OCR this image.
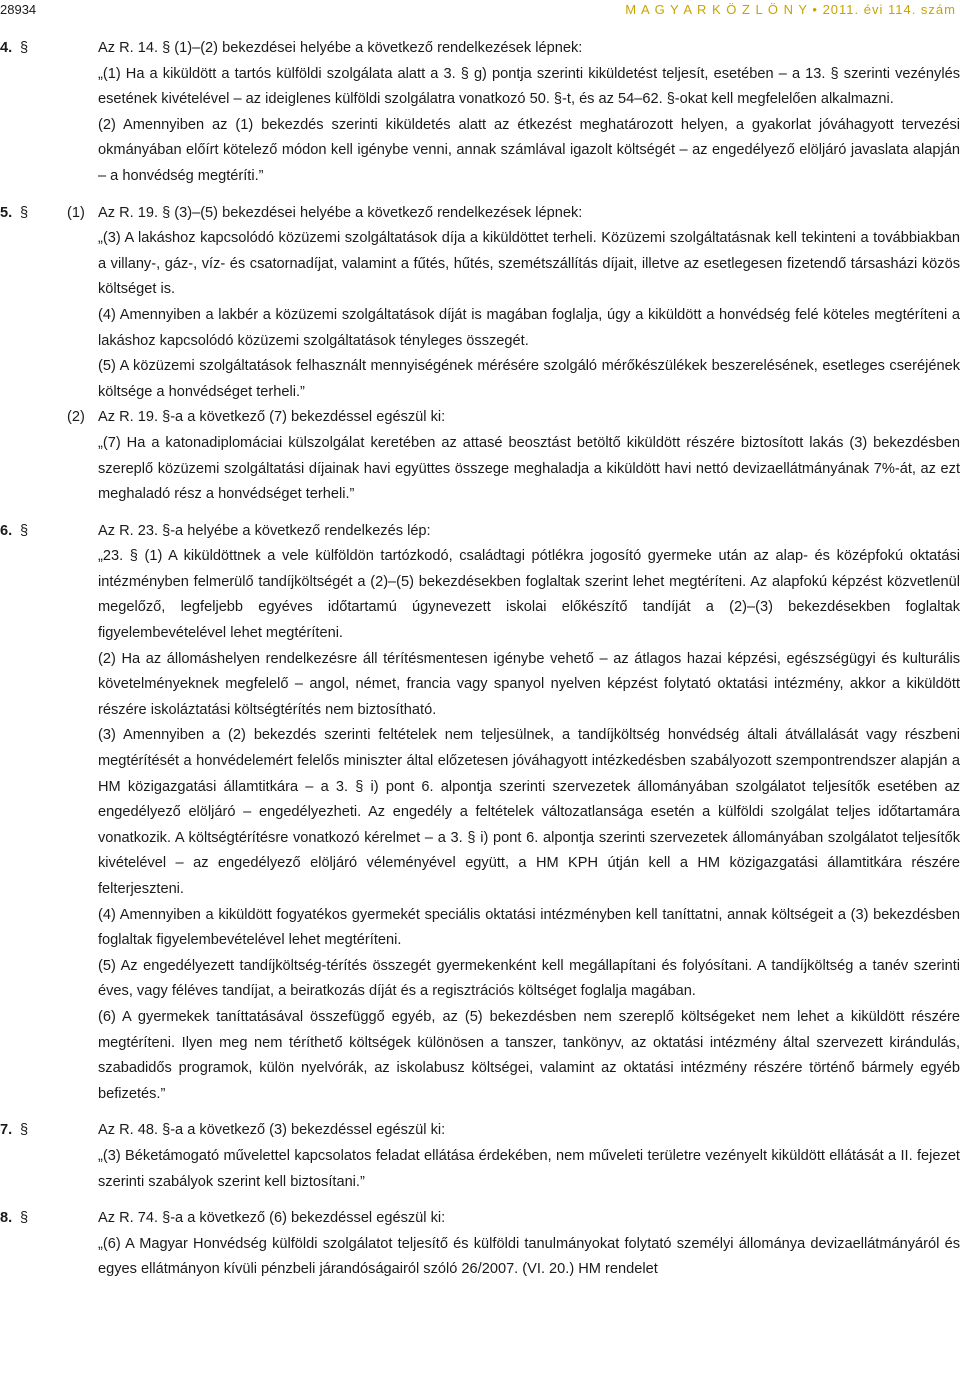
28934	M A G Y A R K Ö Z L Ö N Y • 2011. évi 114. szám
4. §	Az R. 14. § (1)–(2) bekezdései helyébe a következő rendelkezések lépnek:

„(1) Ha a kiküldött a tartós külföldi szolgálata alatt a 3. § g) pontja szerinti kiküldetést teljesít, esetében – a 13. § szerinti vezénylés esetének kivételével – az ideiglenes külföldi szolgálatra vonatkozó 50. §-t, és az 54–62. §-okat kell megfelelően alkalmazni.

(2) Amennyiben az (1) bekezdés szerinti kiküldetés alatt az étkezést meghatározott helyen, a gyakorlat jóváhagyott tervezési okmányában előírt kötelező módon kell igénybe venni, annak számlával igazolt költségét – az engedélyező elöljáró javaslata alapján – a honvédség megtéríti.”

5. §	(1) Az R. 19. § (3)–(5) bekezdései helyébe a következő rendelkezések lépnek:

„(3) A lakáshoz kapcsolódó közüzemi szolgáltatások díja a kiküldöttet terheli. Közüzemi szolgáltatásnak kell tekinteni a továbbiakban a villany-, gáz-, víz- és csatornadíjat, valamint a fűtés, hűtés, szemétszállítás díjait, illetve az esetlegesen fizetendő társasházi közös költséget is.

(4) Amennyiben a lakbér a közüzemi szolgáltatások díját is magában foglalja, úgy a kiküldött a honvédség felé köteles megtéríteni a lakáshoz kapcsolódó közüzemi szolgáltatások tényleges összegét.

(5) A közüzemi szolgáltatások felhasznált mennyiségének mérésére szolgáló mérőkészülékek beszerelésének, esetleges cseréjének költsége a honvédséget terheli.”

(2) Az R. 19. §-a a következő (7) bekezdéssel egészül ki:

„(7) Ha a katonadiplomáciai külszolgálat keretében az attasé beosztást betöltő kiküldött részére biztosított lakás (3) bekezdésben szereplő közüzemi szolgáltatási díjainak havi együttes összege meghaladja a kiküldött havi nettó devizaellátmányának 7%-át, az ezt meghaladó rész a honvédséget terheli.”

6. §	Az R. 23. §-a helyébe a következő rendelkezés lép:

„23. § (1) A kiküldöttnek a vele külföldön tartózkodó, családtagi pótlékra jogosító gyermeke után az alap- és középfokú oktatási intézményben felmerülő tandíjköltségét a (2)–(5) bekezdésekben foglaltak szerint lehet megtéríteni. Az alapfokú képzést közvetlenül megelőző, legfeljebb egyéves időtartamú úgynevezett iskolai előkészítő tandíját a (2)–(3) bekezdésekben foglaltak figyelembevételével lehet megtéríteni.

(2) Ha az állomáshelyen rendelkezésre áll térítésmentesen igénybe vehető – az átlagos hazai képzési, egészségügyi és kulturális követelményeknek megfelelő – angol, német, francia vagy spanyol nyelven képzést folytató oktatási intézmény, akkor a kiküldött részére iskoláztatási költségtérítés nem biztosítható.

(3) Amennyiben a (2) bekezdés szerinti feltételek nem teljesülnek, a tandíjköltség honvédség általi átvállalását vagy részbeni megtérítését a honvédelemért felelős miniszter által előzetesen jóváhagyott intézkedésben szabályozott szempontrendszer alapján a HM közigazgatási államtitkára – a 3. § i) pont 6. alpontja szerinti szervezetek állományában szolgálatot teljesítők esetében az engedélyező elöljáró – engedélyezheti. Az engedély a feltételek változatlansága esetén a külföldi szolgálat teljes időtartamára vonatkozik. A költségtérítésre vonatkozó kérelmet – a 3. § i) pont 6. alpontja szerinti szervezetek állományában szolgálatot teljesítők kivételével – az engedélyező elöljáró véleményével együtt, a HM KPH útján kell a HM közigazgatási államtitkára részére felterjeszteni.

(4) Amennyiben a kiküldött fogyatékos gyermekét speciális oktatási intézményben kell taníttatni, annak költségeit a (3) bekezdésben foglaltak figyelembevételével lehet megtéríteni.

(5) Az engedélyezett tandíjköltség-térítés összegét gyermekenként kell megállapítani és folyósítani. A tandíjköltség a tanév szerinti éves, vagy féléves tandíjat, a beiratkozás díját és a regisztrációs költséget foglalja magában.

(6) A gyermekek taníttatásával összefüggő egyéb, az (5) bekezdésben nem szereplő költségeket nem lehet a kiküldött részére megtéríteni. Ilyen meg nem téríthető költségek különösen a tanszer, tankönyv, az oktatási intézmény által szervezett kirándulás, szabadidős programok, külön nyelvórák, az iskolabusz költségei, valamint az oktatási intézmény részére történő bármely egyéb befizetés.”

7. §	Az R. 48. §-a a következő (3) bekezdéssel egészül ki:

„(3) Béketámogató művelettel kapcsolatos feladat ellátása érdekében, nem műveleti területre vezényelt kiküldött ellátását a II. fejezet szerinti szabályok szerint kell biztosítani.”

8. §	Az R. 74. §-a a következő (6) bekezdéssel egészül ki:

„(6) A Magyar Honvédség külföldi szolgálatot teljesítő és külföldi tanulmányokat folytató személyi állománya devizaellátmányáról és egyes ellátmányon kívüli pénzbeli járandóságairól szóló 26/2007. (VI. 20.) HM rendelet
